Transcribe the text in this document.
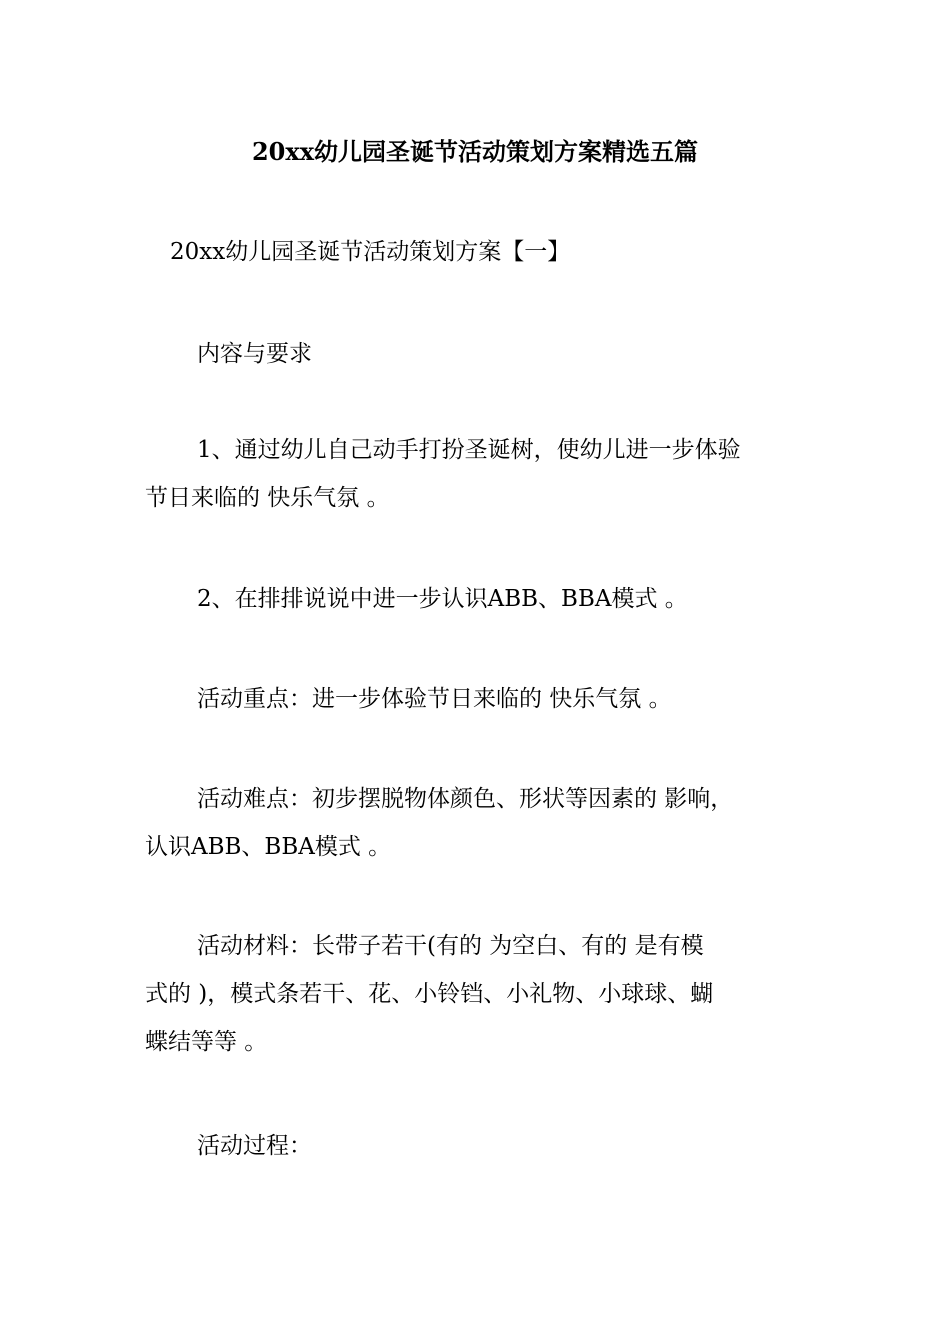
20xx幼儿园圣诞节活动策划方案精选五篇
20xx幼儿园圣诞节活动策划方案【一】
内容与要求
1、通过幼儿自己动手打扮圣诞树，使幼儿进一步体验
节日来临的 快乐气氛 。
2、在排排说说中进一步认识ABB、BBA模式 。
活动重点：进一步体验节日来临的 快乐气氛 。
活动难点：初步摆脱物体颜色、形状等因素的 影响，
认识ABB、BBA模式 。
活动材料：长带子若干(有的 为空白、有的 是有模
式的 )，模式条若干、花、小铃铛、小礼物、小球球、蝴
蝶结等等 。
活动过程：
